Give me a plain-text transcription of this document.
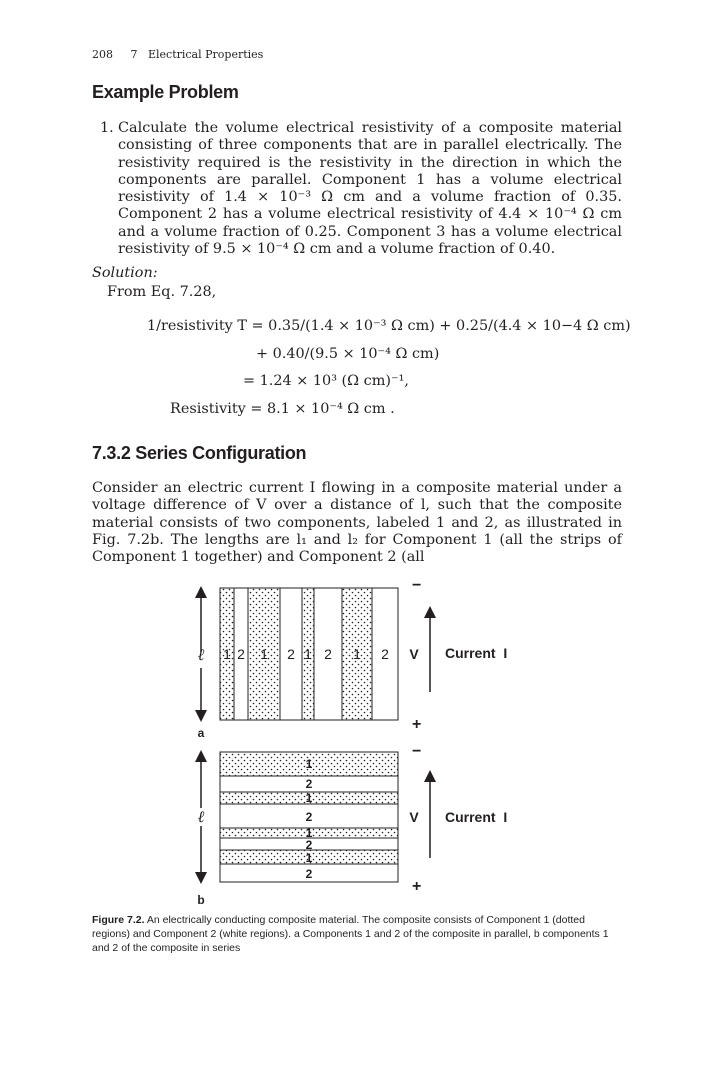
208 7   Electrical Properties
Example Problem
1. Calculate the volume electrical resistivity of a composite material consisting of three components that are in parallel electrically. The resistivity required is the resistivity in the direction in which the components are parallel. Component 1 has a volume electrical resistivity of 1.4 × 10⁻³ Ω cm and a volume fraction of 0.35. Component 2 has a volume electrical resistivity of 4.4 × 10⁻⁴ Ω cm and a volume fraction of 0.25. Component 3 has a volume electrical resistivity of 9.5 × 10⁻⁴ Ω cm and a volume fraction of 0.40.
Solution:
From Eq. 7.28,
1/resistivity T = 0.35/(1.4 × 10⁻³ Ω cm) + 0.25/(4.4 × 10−4 Ω cm)
+ 0.40/(9.5 × 10⁻⁴ Ω cm)
= 1.24 × 10³ (Ω cm)⁻¹,
Resistivity = 8.1 × 10⁻⁴ Ω cm .
7.3.2 Series Configuration
Consider an electric current I flowing in a composite material under a voltage difference of V over a distance of l, such that the composite material consists of two components, labeled 1 and 2, as illustrated in Fig. 7.2b. The lengths are l₁ and l₂ for Component 1 (all the strips of Component 1 together) and Component 2 (all
1 2 1 2 1 2 1 2
ℓ
a
−
+
V Current  I
1
2
1
2
1
2
1
2
ℓ
b
−
+
V Current  I
Figure 7.2. An electrically conducting composite material. The composite consists of Component 1 (dotted regions) and Component 2 (white regions). a Components 1 and 2 of the composite in parallel, b components 1 and 2 of the composite in series
